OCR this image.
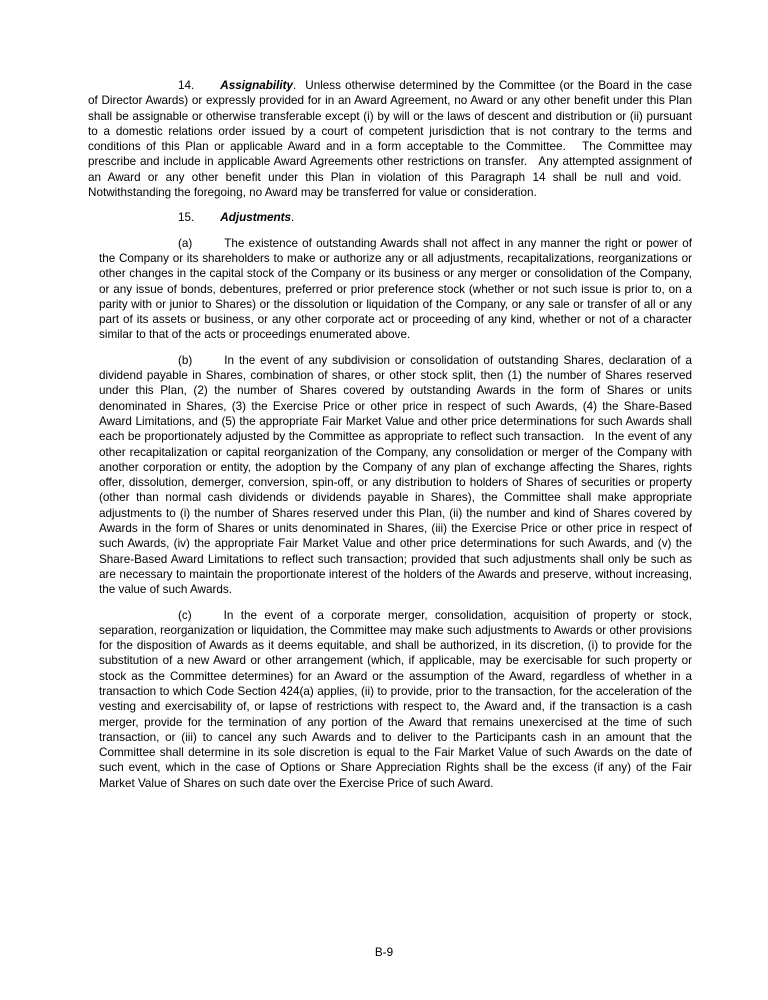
14. Assignability. Unless otherwise determined by the Committee (or the Board in the case of Director Awards) or expressly provided for in an Award Agreement, no Award or any other benefit under this Plan shall be assignable or otherwise transferable except (i) by will or the laws of descent and distribution or (ii) pursuant to a domestic relations order issued by a court of competent jurisdiction that is not contrary to the terms and conditions of this Plan or applicable Award and in a form acceptable to the Committee.   The Committee may prescribe and include in applicable Award Agreements other restrictions on transfer.   Any attempted assignment of an Award or any other benefit under this Plan in violation of this Paragraph 14 shall be null and void.   Notwithstanding the foregoing, no Award may be transferred for value or consideration.

15. Adjustments.

(a)	The existence of outstanding Awards shall not affect in any manner the right or power of the Company or its shareholders to make or authorize any or all adjustments, recapitalizations, reorganizations or other changes in the capital stock of the Company or its business or any merger or consolidation of the Company, or any issue of bonds, debentures, preferred or prior preference stock (whether or not such issue is prior to, on a parity with or junior to Shares) or the dissolution or liquidation of the Company, or any sale or transfer of all or any part of its assets or business, or any other corporate act or proceeding of any kind, whether or not of a character similar to that of the acts or proceedings enumerated above.

(b)	In the event of any subdivision or consolidation of outstanding Shares, declaration of a dividend payable in Shares, combination of shares, or other stock split, then (1) the number of Shares reserved under this Plan, (2) the number of Shares covered by outstanding Awards in the form of Shares or units denominated in Shares, (3) the Exercise Price or other price in respect of such Awards, (4) the Share-Based Award Limitations, and (5) the appropriate Fair Market Value and other price determinations for such Awards shall each be proportionately adjusted by the Committee as appropriate to reflect such transaction.   In the event of any other recapitalization or capital reorganization of the Company, any consolidation or merger of the Company with another corporation or entity, the adoption by the Company of any plan of exchange affecting the Shares, rights offer, dissolution, demerger, conversion, spin-off, or any distribution to holders of Shares of securities or property (other than normal cash dividends or dividends payable in Shares), the Committee shall make appropriate adjustments to (i) the number of Shares reserved under this Plan, (ii) the number and kind of Shares covered by Awards in the form of Shares or units denominated in Shares, (iii) the Exercise Price or other price in respect of such Awards, (iv) the appropriate Fair Market Value and other price determinations for such Awards, and (v) the Share-Based Award Limitations to reflect such transaction; provided that such adjustments shall only be such as are necessary to maintain the proportionate interest of the holders of the Awards and preserve, without increasing, the value of such Awards.

(c)	In the event of a corporate merger, consolidation, acquisition of property or stock, separation, reorganization or liquidation, the Committee may make such adjustments to Awards or other provisions for the disposition of Awards as it deems equitable, and shall be authorized, in its discretion, (i) to provide for the substitution of a new Award or other arrangement (which, if applicable, may be exercisable for such property or stock as the Committee determines) for an Award or the assumption of the Award, regardless of whether in a transaction to which Code Section 424(a) applies, (ii) to provide, prior to the transaction, for the acceleration of the vesting and exercisability of, or lapse of restrictions with respect to, the Award and, if the transaction is a cash merger, provide for the termination of any portion of the Award that remains unexercised at the time of such transaction, or (iii) to cancel any such Awards and to deliver to the Participants cash in an amount that the Committee shall determine in its sole discretion is equal to the Fair Market Value of such Awards on the date of such event, which in the case of Options or Share Appreciation Rights shall be the excess (if any) of the Fair Market Value of Shares on such date over the Exercise Price of such Award.

B-9
